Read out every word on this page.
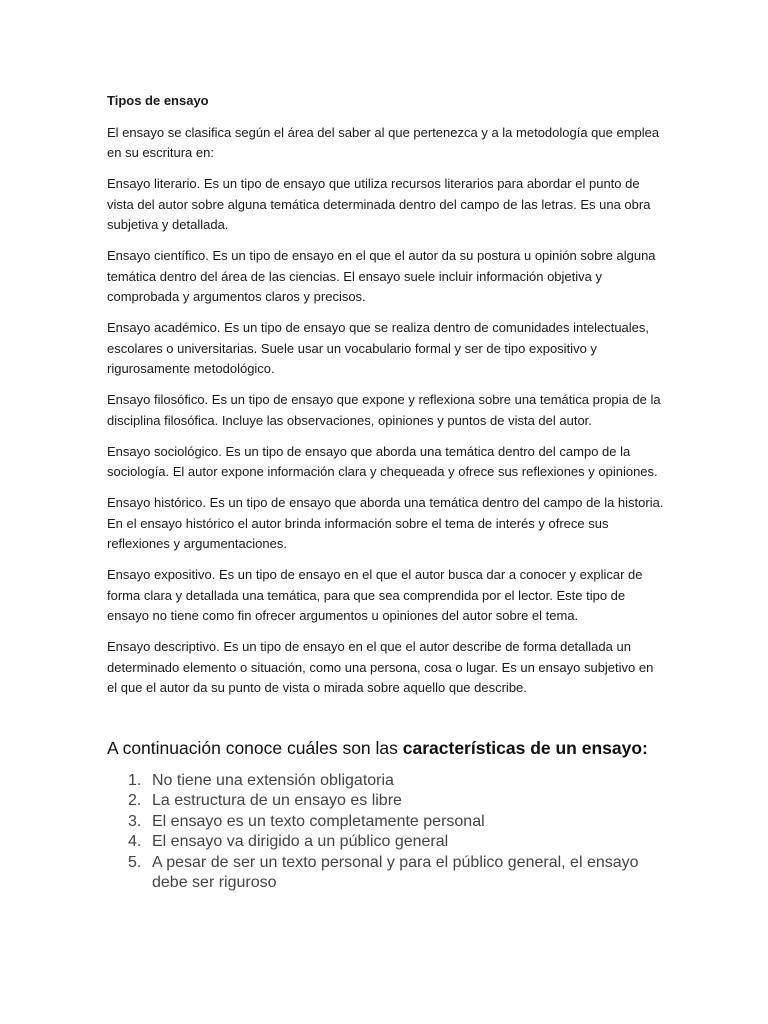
Tipos de ensayo

El ensayo se clasifica según el área del saber al que pertenezca y a la metodología que emplea en su escritura en:

Ensayo literario. Es un tipo de ensayo que utiliza recursos literarios para abordar el punto de vista del autor sobre alguna temática determinada dentro del campo de las letras. Es una obra subjetiva y detallada.

Ensayo científico. Es un tipo de ensayo en el que el autor da su postura u opinión sobre alguna temática dentro del área de las ciencias. El ensayo suele incluir información objetiva y comprobada y argumentos claros y precisos.

Ensayo académico. Es un tipo de ensayo que se realiza dentro de comunidades intelectuales, escolares o universitarias. Suele usar un vocabulario formal y ser de tipo expositivo y rigurosamente metodológico.

Ensayo filosófico. Es un tipo de ensayo que expone y reflexiona sobre una temática propia de la disciplina filosófica. Incluye las observaciones, opiniones y puntos de vista del autor.

Ensayo sociológico. Es un tipo de ensayo que aborda una temática dentro del campo de la sociología. El autor expone información clara y chequeada y ofrece sus reflexiones y opiniones.

Ensayo histórico. Es un tipo de ensayo que aborda una temática dentro del campo de la historia. En el ensayo histórico el autor brinda información sobre el tema de interés y ofrece sus reflexiones y argumentaciones.

Ensayo expositivo. Es un tipo de ensayo en el que el autor busca dar a conocer y explicar de forma clara y detallada una temática, para que sea comprendida por el lector. Este tipo de ensayo no tiene como fin ofrecer argumentos u opiniones del autor sobre el tema.

Ensayo descriptivo. Es un tipo de ensayo en el que el autor describe de forma detallada un determinado elemento o situación, como una persona, cosa o lugar. Es un ensayo subjetivo en el que el autor da su punto de vista o mirada sobre aquello que describe.

A continuación conoce cuáles son las características de un ensayo:
1. No tiene una extensión obligatoria
2. La estructura de un ensayo es libre
3. El ensayo es un texto completamente personal
4. El ensayo va dirigido a un público general
5. A pesar de ser un texto personal y para el público general, el ensayo debe ser riguroso
